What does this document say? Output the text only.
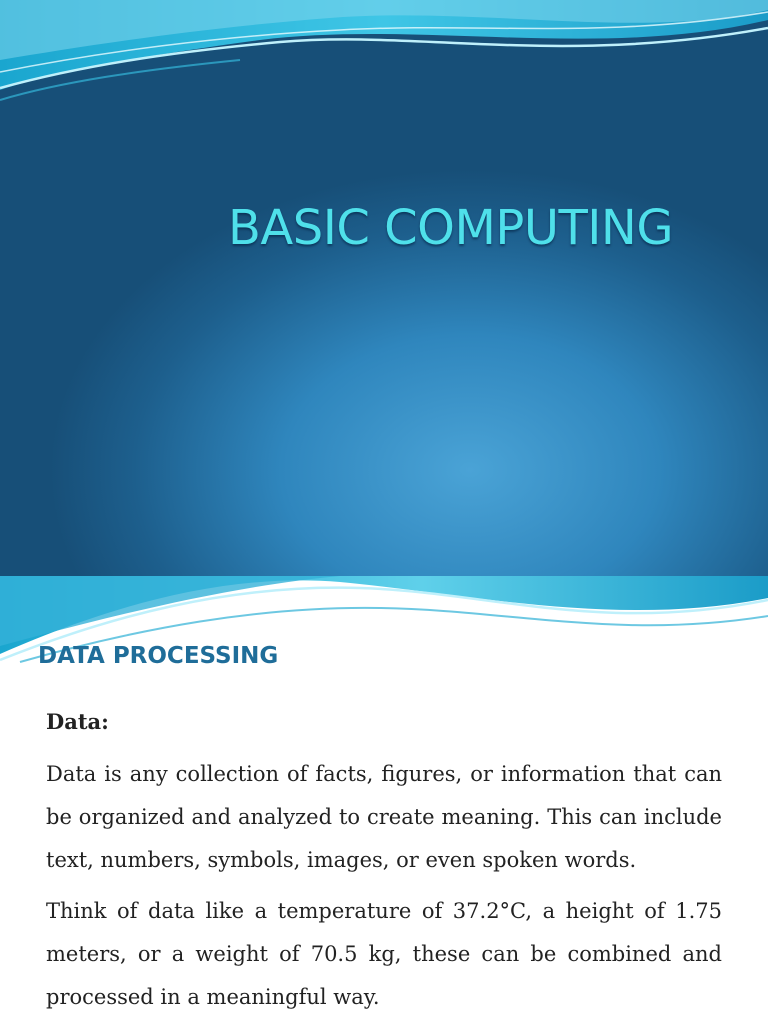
BASIC COMPUTING
DATA PROCESSING

Data:

Data is any collection of facts, figures, or information that can be organized and analyzed to create meaning. This can include text, numbers, symbols, images, or even spoken words.

Think of data like a temperature of 37.2°C, a height of 1.75 meters, or a weight of 70.5 kg, these can be combined and processed in a meaningful way.
